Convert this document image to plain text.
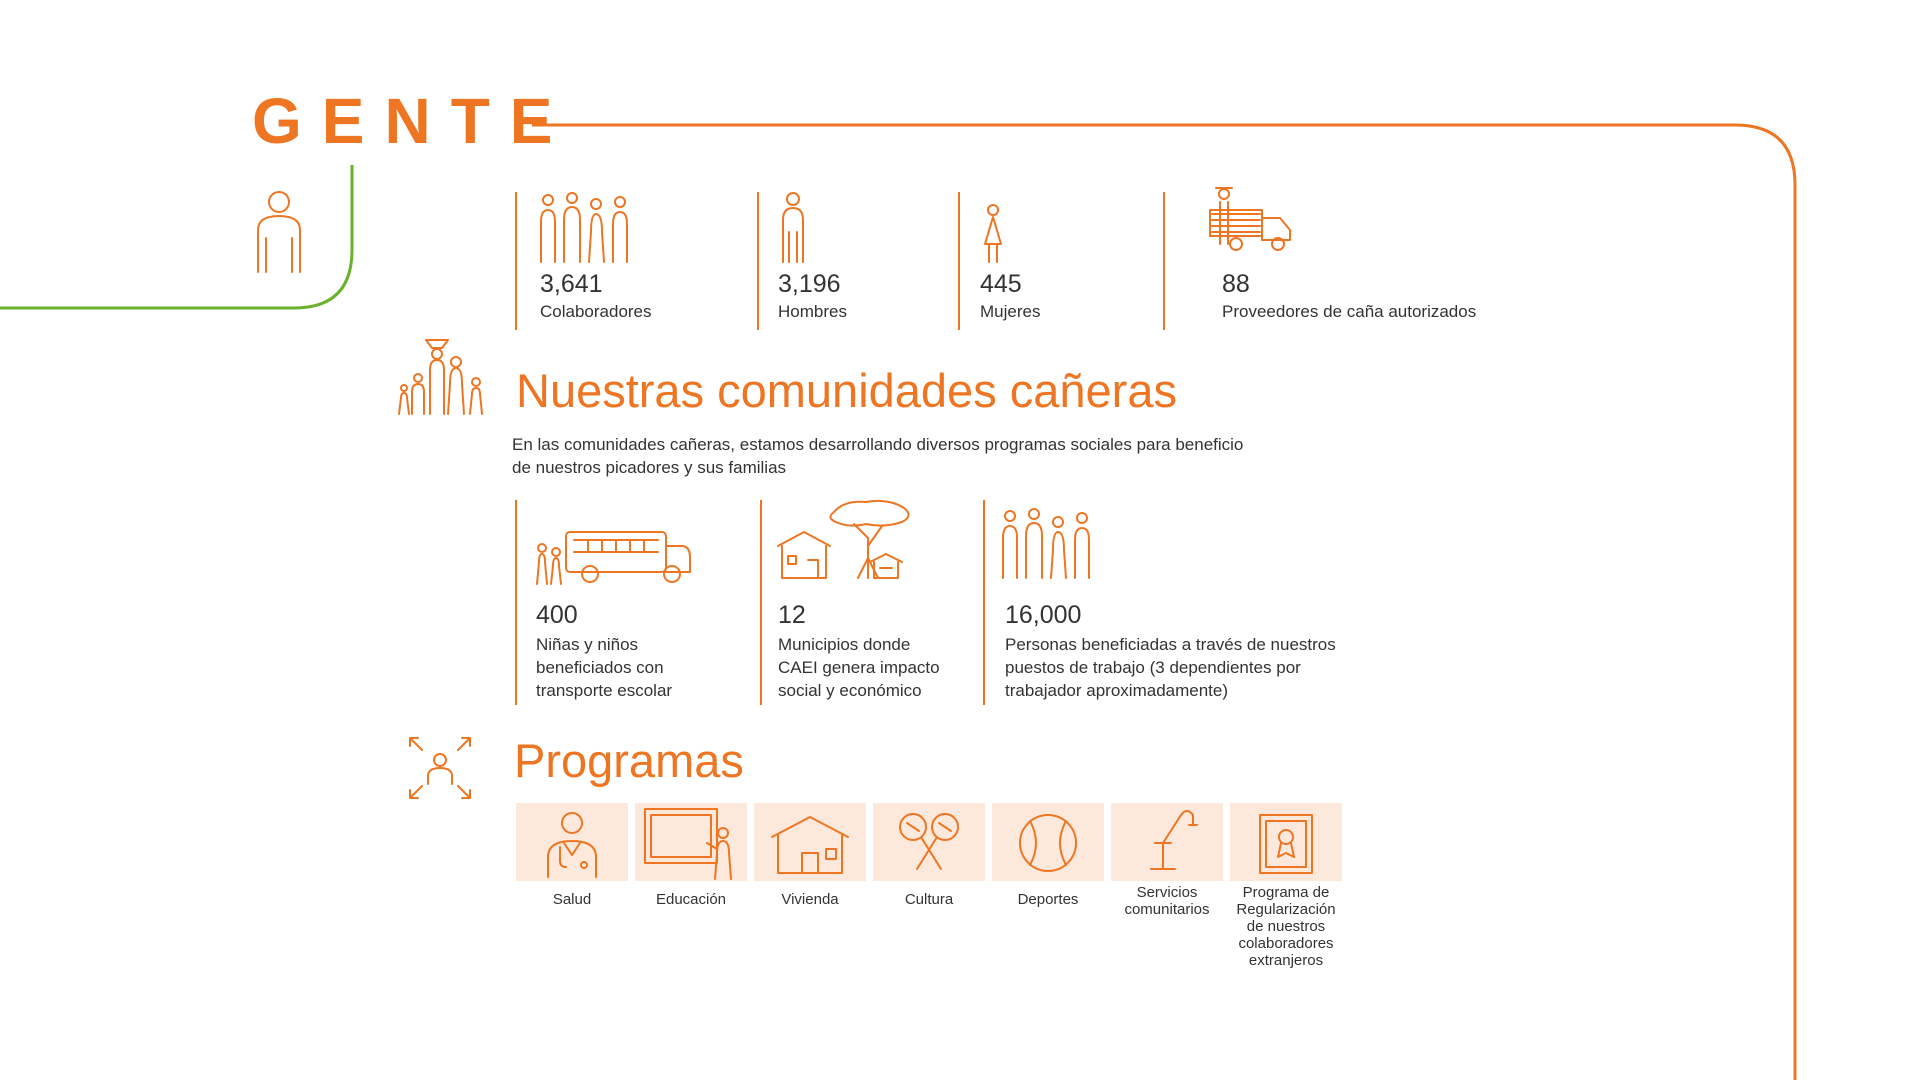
GENTE
3,641
Colaboradores
3,196
Hombres
445
Mujeres
88
Proveedores de caña autorizados
Nuestras comunidades cañeras
En las comunidades cañeras, estamos desarrollando diversos programas sociales para beneficio
de nuestros picadores y sus familias
400
Niñas y niños
beneficiados con
transporte escolar
12
Municipios donde
CAEI genera impacto
social y económico
16,000
Personas beneficiadas a través de nuestros
puestos de trabajo (3 dependientes por
trabajador aproximadamente)
Programas
Salud	Educación	Vivienda	Cultura	Deportes	Servicios
comunitarios
Programa de
Regularización
de nuestros
colaboradores
extranjeros
